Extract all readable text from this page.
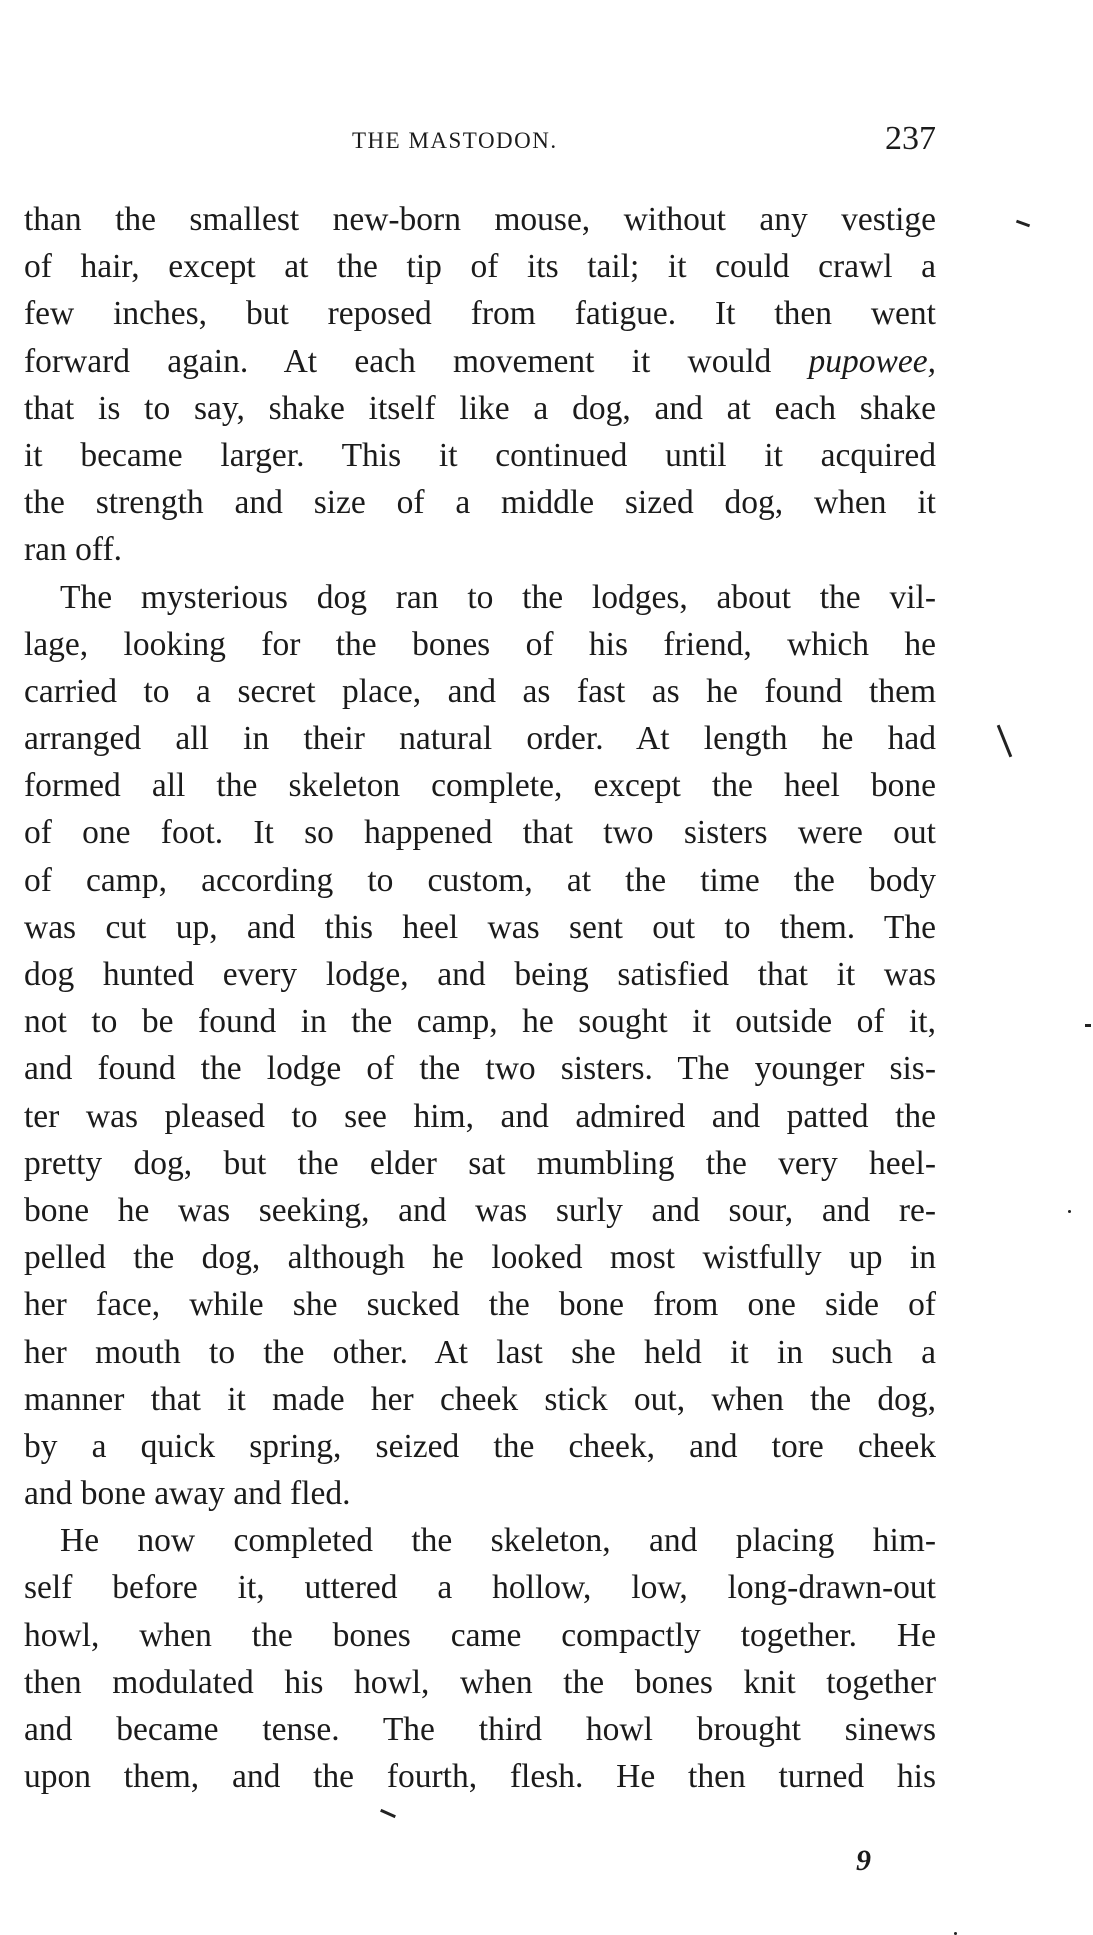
THE MASTODON.	237
than the smallest new-born mouse, without any vestige
of hair, except at the tip of its tail; it could crawl a
few inches, but reposed from fatigue. It then went
forward again. At each movement it would pupowee,
that is to say, shake itself like a dog, and at each shake
it became larger. This it continued until it acquired
the strength and size of a middle sized dog, when it
ran off.
The mysterious dog ran to the lodges, about the vil-
lage, looking for the bones of his friend, which he
carried to a secret place, and as fast as he found them
arranged all in their natural order. At length he had
formed all the skeleton complete, except the heel bone
of one foot. It so happened that two sisters were out
of camp, according to custom, at the time the body
was cut up, and this heel was sent out to them. The
dog hunted every lodge, and being satisfied that it was
not to be found in the camp, he sought it outside of it,
and found the lodge of the two sisters. The younger sis-
ter was pleased to see him, and admired and patted the
pretty dog, but the elder sat mumbling the very heel-
bone he was seeking, and was surly and sour, and re-
pelled the dog, although he looked most wistfully up in
her face, while she sucked the bone from one side of
her mouth to the other. At last she held it in such a
manner that it made her cheek stick out, when the dog,
by a quick spring, seized the cheek, and tore cheek
and bone away and fled.
He now completed the skeleton, and placing him-
self before it, uttered a hollow, low, long-drawn-out
howl, when the bones came compactly together. He
then modulated his howl, when the bones knit together
and became tense. The third howl brought sinews
upon them, and the fourth, flesh. He then turned his
9
